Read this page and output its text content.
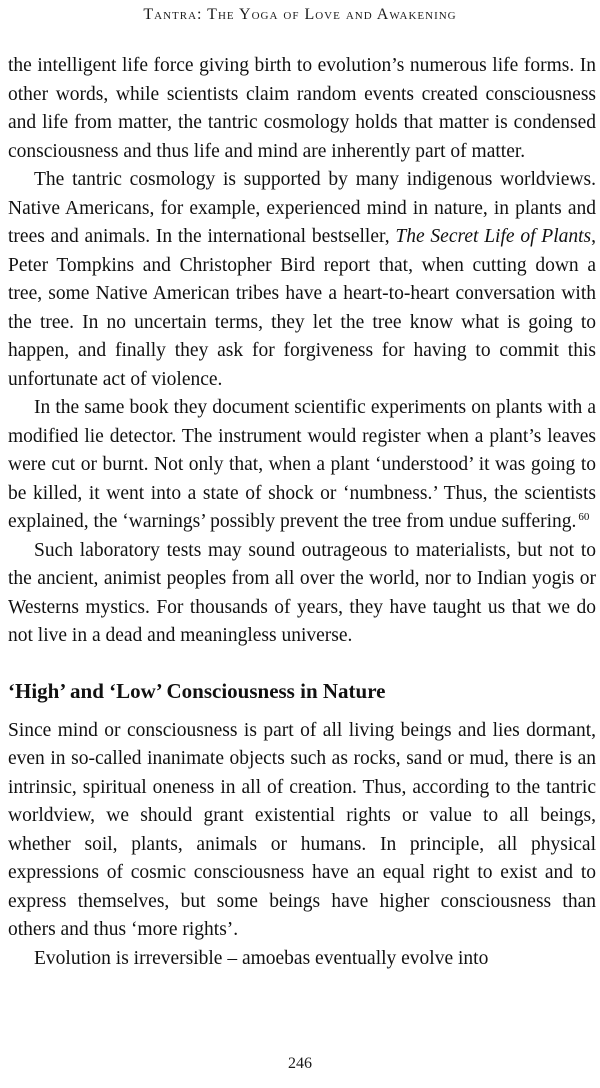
Tantra: The Yoga of Love and Awakening

the intelligent life force giving birth to evolution’s numerous life forms. In other words, while scientists claim random events created consciousness and life from matter, the tantric cosmology holds that matter is condensed consciousness and thus life and mind are inherently part of matter.

The tantric cosmology is supported by many indigenous worldviews. Native Americans, for example, experienced mind in nature, in plants and trees and animals. In the international bestseller, The Secret Life of Plants, Peter Tompkins and Christopher Bird report that, when cutting down a tree, some Native American tribes have a heart-to-heart conversation with the tree. In no uncertain terms, they let the tree know what is going to happen, and finally they ask for forgiveness for having to commit this unfortunate act of violence.

In the same book they document scientific experiments on plants with a modified lie detector. The instrument would register when a plant’s leaves were cut or burnt. Not only that, when a plant ‘understood’ it was going to be killed, it went into a state of shock or ‘numbness.’ Thus, the scientists explained, the ‘warnings’ possibly prevent the tree from undue suffering. $^{60}$

Such laboratory tests may sound outrageous to materialists, but not to the ancient, animist peoples from all over the world, nor to Indian yogis or Westerns mystics. For thousands of years, they have taught us that we do not live in a dead and meaningless universe.

‘High’ and ‘Low’ Consciousness in Nature

Since mind or consciousness is part of all living beings and lies dormant, even in so-called inanimate objects such as rocks, sand or mud, there is an intrinsic, spiritual oneness in all of creation. Thus, according to the tantric worldview, we should grant existential rights or value to all beings, whether soil, plants, animals or humans. In principle, all physical expressions of cosmic consciousness have an equal right to exist and to express themselves, but some beings have higher consciousness than others and thus ‘more rights’.

Evolution is irreversible – amoebas eventually evolve into

246
